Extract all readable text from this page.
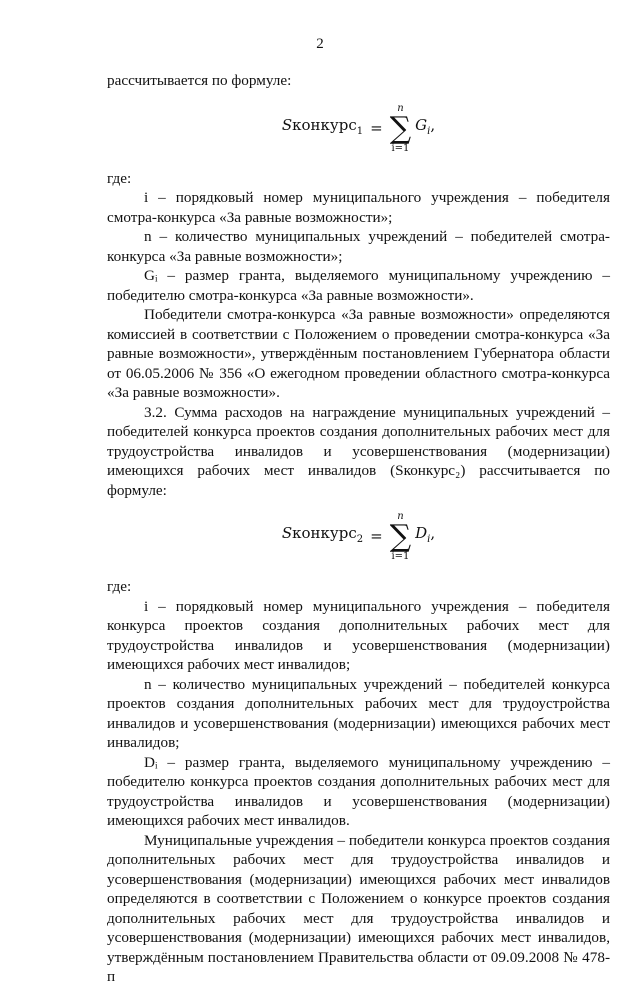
2

рассчитывается по формуле:

Sконкурс$_1$ =
n
∑
i=1
$G_i$,

где:

i – порядковый номер муниципального учреждения – победителя смотра-конкурса «За равные возможности»;

n – количество муниципальных учреждений – победителей смотра-конкурса «За равные возможности»;

Gᵢ – размер гранта, выделяемого муниципальному учреждению – победителю смотра-конкурса «За равные возможности».

Победители смотра-конкурса «За равные возможности» определяются комиссией в соответствии с Положением о проведении смотра-конкурса «За равные возможности», утверждённым постановлением Губернатора области от 06.05.2006 № 356 «О ежегодном проведении областного смотра-конкурса «За равные возможности».

3.2. Сумма расходов на награждение муниципальных учреждений – победителей конкурса проектов создания дополнительных рабочих мест для трудоустройства инвалидов и усовершенствования (модернизации) имеющихся рабочих мест инвалидов (Sконкурс₂) рассчитывается по формуле:

Sконкурс$_2$ =
n
∑
i=1
$D_i$,

где:

i – порядковый номер муниципального учреждения – победителя конкурса проектов создания дополнительных рабочих мест для трудоустройства инвалидов и усовершенствования (модернизации) имеющихся рабочих мест инвалидов;

n – количество муниципальных учреждений – победителей конкурса проектов создания дополнительных рабочих мест для трудоустройства инвалидов и усовершенствования (модернизации) имеющихся рабочих мест инвалидов;

Dᵢ – размер гранта, выделяемого муниципальному учреждению – победителю конкурса проектов создания дополнительных рабочих мест для трудоустройства инвалидов и усовершенствования (модернизации) имеющихся рабочих мест инвалидов.

Муниципальные учреждения – победители конкурса проектов создания дополнительных рабочих мест для трудоустройства инвалидов и усовершенствования (модернизации) имеющихся рабочих мест инвалидов определяются в соответствии с Положением о конкурсе проектов создания дополнительных рабочих мест для трудоустройства инвалидов и усовершенствования (модернизации) имеющихся рабочих мест инвалидов, утверждённым постановлением Правительства области от 09.09.2008 № 478-п
